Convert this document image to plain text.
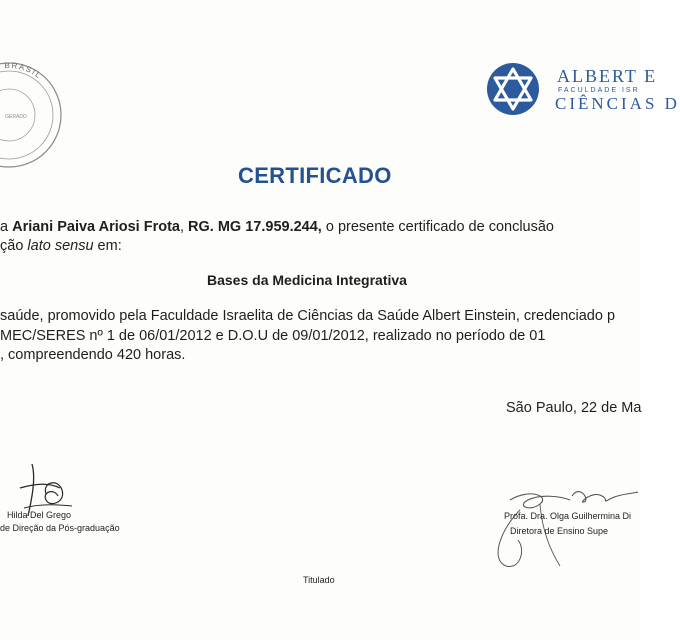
BRASIL
GERADO
ALBERT E
FACULDADE ISR
CIÊNCIAS D
CERTIFICADO
a Ariani Paiva Ariosi Frota, RG. MG 17.959.244, o presente certificado de conclusão
ção lato sensu em:
Bases da Medicina Integrativa
saúde, promovido pela Faculdade Israelita de Ciências da Saúde Albert Einstein, credenciado p
MEC/SERES nº 1 de 06/01/2012 e D.O.U de 09/01/2012, realizado no período de 01
, compreendendo 420 horas.
São Paulo, 22 de Ma
Hilda Del Grego
de Direção da Pós-graduação
Profa. Dra. Olga Guilhermina Di
Diretora de Ensino Supe
Titulado
